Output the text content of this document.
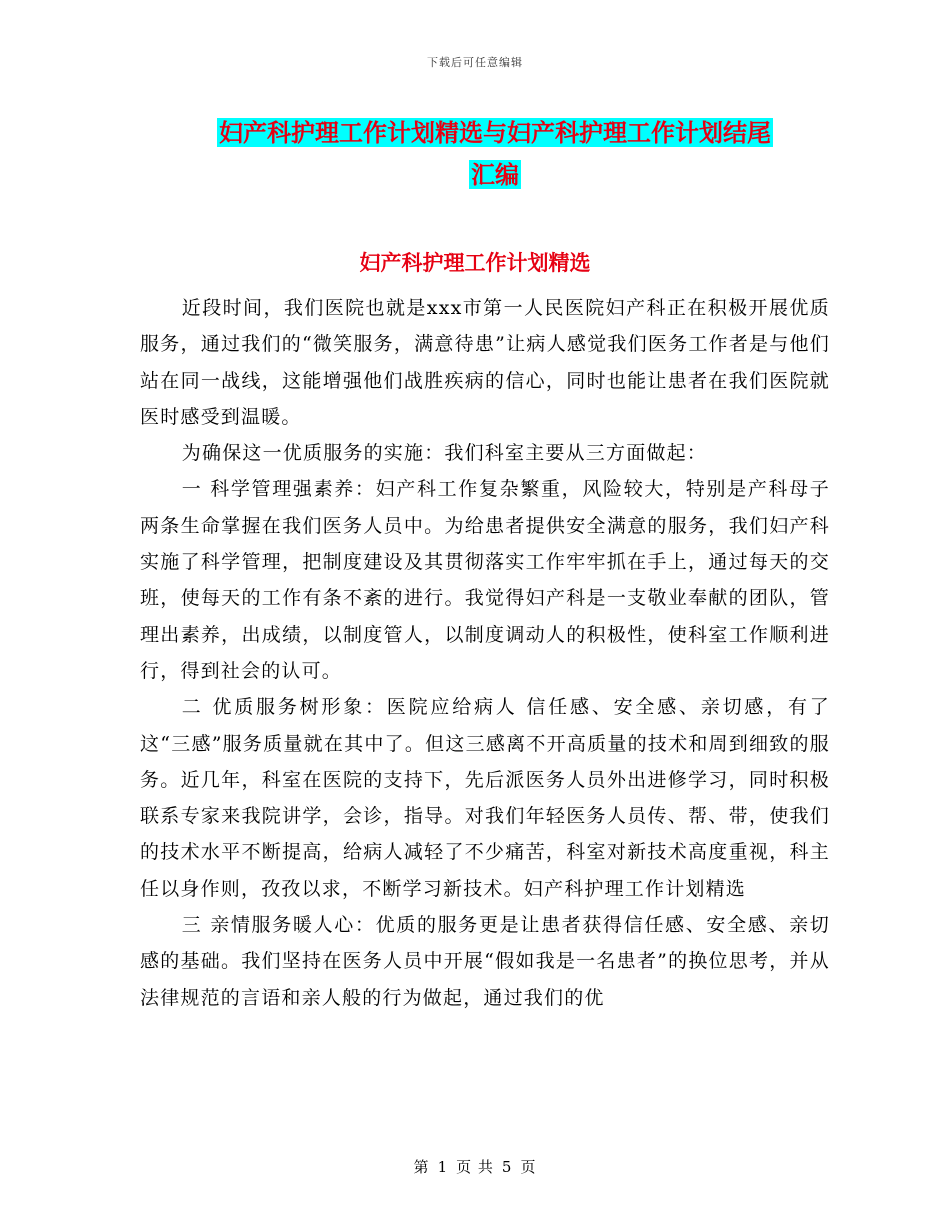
下载后可任意编辑
妇产科护理工作计划精选与妇产科护理工作计划结尾
汇编
妇产科护理工作计划精选

近段时间，我们医院也就是xxx市第一人民医院妇产科正在积极开展优质服务，通过我们的“微笑服务，满意待患”让病人感觉我们医务工作者是与他们站在同一战线，这能增强他们战胜疾病的信心，同时也能让患者在我们医院就医时感受到温暖。

为确保这一优质服务的实施：我们科室主要从三方面做起：

一 科学管理强素养：妇产科工作复杂繁重，风险较大，特别是产科母子两条生命掌握在我们医务人员中。为给患者提供安全满意的服务，我们妇产科实施了科学管理，把制度建设及其贯彻落实工作牢牢抓在手上，通过每天的交班，使每天的工作有条不紊的进行。我觉得妇产科是一支敬业奉献的团队，管理出素养，出成绩，以制度管人，以制度调动人的积极性，使科室工作顺利进行，得到社会的认可。

二 优质服务树形象：医院应给病人 信任感、安全感、亲切感，有了这“三感”服务质量就在其中了。但这三感离不开高质量的技术和周到细致的服务。近几年，科室在医院的支持下，先后派医务人员外出进修学习，同时积极联系专家来我院讲学，会诊，指导。对我们年轻医务人员传、帮、带，使我们的技术水平不断提高，给病人减轻了不少痛苦，科室对新技术高度重视，科主任以身作则，孜孜以求，不断学习新技术。妇产科护理工作计划精选

三 亲情服务暖人心：优质的服务更是让患者获得信任感、安全感、亲切感的基础。我们坚持在医务人员中开展“假如我是一名患者”的换位思考，并从法律规范的言语和亲人般的行为做起，通过我们的优

第 1 页 共 5 页
